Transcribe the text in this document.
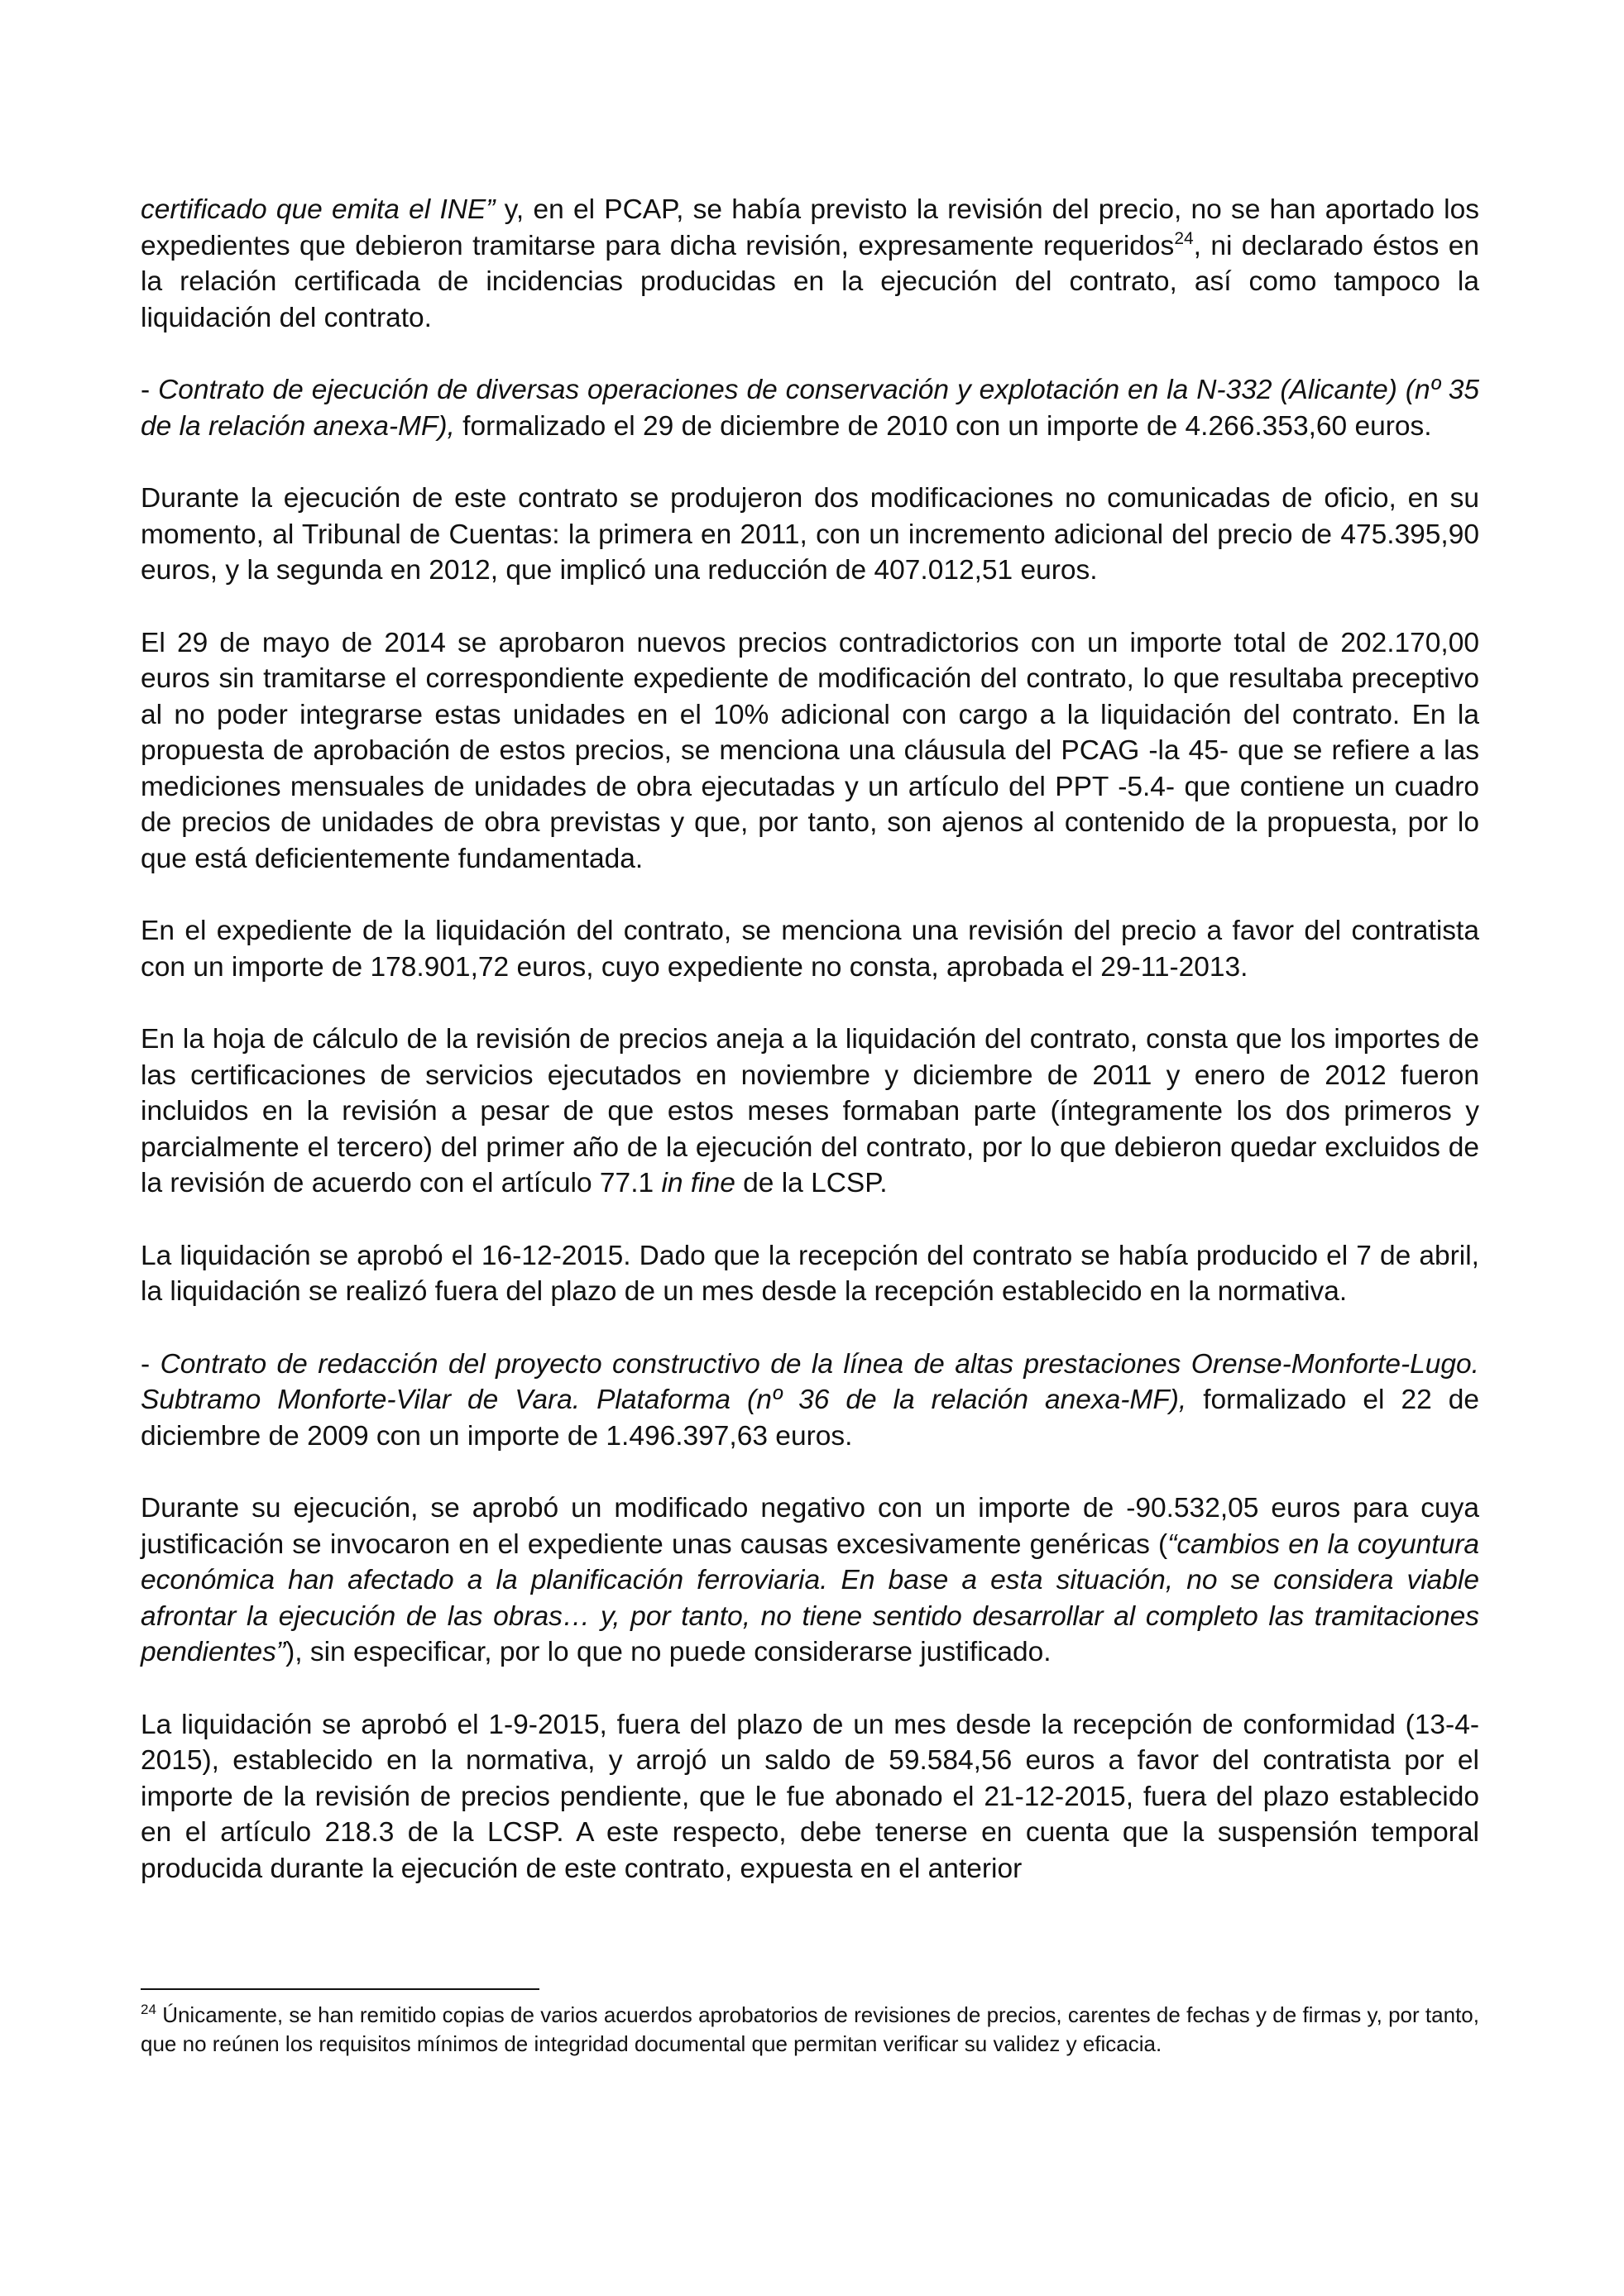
certificado que emita el INE” y, en el PCAP, se había previsto la revisión del precio, no se han aportado los expedientes que debieron tramitarse para dicha revisión, expresamente requeridos$^{24}$, ni declarado éstos en la relación certificada de incidencias producidas en la ejecución del contrato, así como tampoco la liquidación del contrato.

- Contrato de ejecución de diversas operaciones de conservación y explotación en la N-332 (Alicante) (nº 35 de la relación anexa-MF), formalizado el 29 de diciembre de 2010 con un importe de 4.266.353,60 euros.

Durante la ejecución de este contrato se produjeron dos modificaciones no comunicadas de oficio, en su momento, al Tribunal de Cuentas: la primera en 2011, con un incremento adicional del precio de 475.395,90 euros, y la segunda en 2012, que implicó una reducción de 407.012,51 euros.

El 29 de mayo de 2014 se aprobaron nuevos precios contradictorios con un importe total de 202.170,00 euros sin tramitarse el correspondiente expediente de modificación del contrato, lo que resultaba preceptivo al no poder integrarse estas unidades en el 10% adicional con cargo a la liquidación del contrato. En la propuesta de aprobación de estos precios, se menciona una cláusula del PCAG -la 45- que se refiere a las mediciones mensuales de unidades de obra ejecutadas y un artículo del PPT -5.4- que contiene un cuadro de precios de unidades de obra previstas y que, por tanto, son ajenos al contenido de la propuesta, por lo que está deficientemente fundamentada.

En el expediente de la liquidación del contrato, se menciona una revisión del precio a favor del contratista con un importe de 178.901,72 euros, cuyo expediente no consta, aprobada el 29-11-2013.

En la hoja de cálculo de la revisión de precios aneja a la liquidación del contrato, consta que los importes de las certificaciones de servicios ejecutados en noviembre y diciembre de 2011 y enero de 2012 fueron incluidos en la revisión a pesar de que estos meses formaban parte (íntegramente los dos primeros y parcialmente el tercero) del primer año de la ejecución del contrato, por lo que debieron quedar excluidos de la revisión de acuerdo con el artículo 77.1 in fine de la LCSP.

La liquidación se aprobó el 16-12-2015. Dado que la recepción del contrato se había producido el 7 de abril, la liquidación se realizó fuera del plazo de un mes desde la recepción establecido en la normativa.

- Contrato de redacción del proyecto constructivo de la línea de altas prestaciones Orense-Monforte-Lugo. Subtramo Monforte-Vilar de Vara. Plataforma (nº 36 de la relación anexa-MF), formalizado el 22 de diciembre de 2009 con un importe de 1.496.397,63 euros.

Durante su ejecución, se aprobó un modificado negativo con un importe de -90.532,05 euros para cuya justificación se invocaron en el expediente unas causas excesivamente genéricas (“cambios en la coyuntura económica han afectado a la planificación ferroviaria. En base a esta situación, no se considera viable afrontar la ejecución de las obras… y, por tanto, no tiene sentido desarrollar al completo las tramitaciones pendientes”), sin especificar, por lo que no puede considerarse justificado.

La liquidación se aprobó el 1-9-2015, fuera del plazo de un mes desde la recepción de conformidad (13-4-2015), establecido en la normativa, y arrojó un saldo de 59.584,56 euros a favor del contratista por el importe de la revisión de precios pendiente, que le fue abonado el 21-12-2015, fuera del plazo establecido en el artículo 218.3 de la LCSP. A este respecto, debe tenerse en cuenta que la suspensión temporal producida durante la ejecución de este contrato, expuesta en el anterior

$^{24}$ Únicamente, se han remitido copias de varios acuerdos aprobatorios de revisiones de precios, carentes de fechas y de firmas y, por tanto, que no reúnen los requisitos mínimos de integridad documental que permitan verificar su validez y eficacia.
